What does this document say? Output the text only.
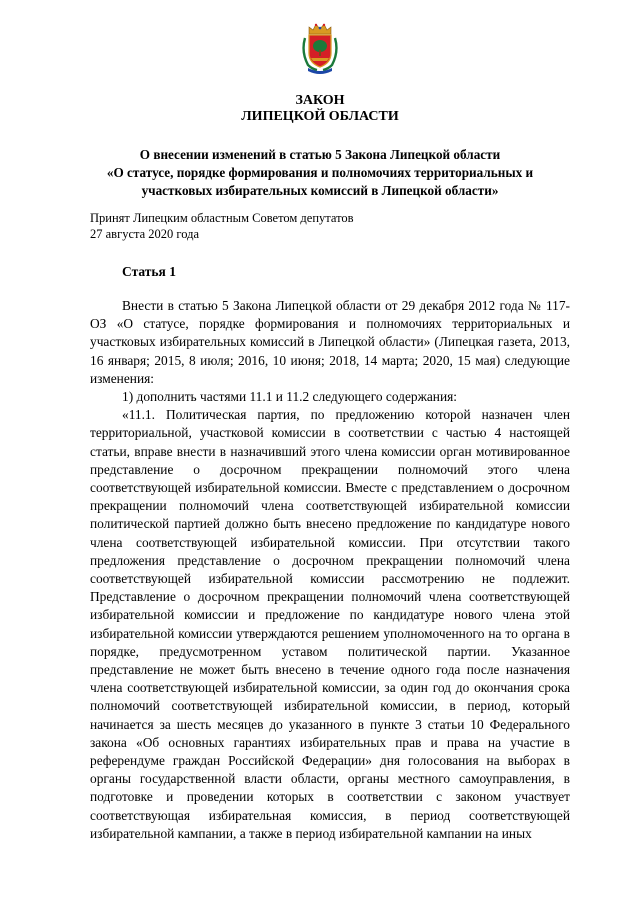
ЗАКОН
ЛИПЕЦКОЙ ОБЛАСТИ
О внесении изменений в статью 5 Закона Липецкой области
«О статусе, порядке формирования и полномочиях территориальных и
участковых избирательных комиссий в Липецкой области»
Принят Липецким областным Советом депутатов
27 августа 2020 года
Статья 1

Внести в статью 5 Закона Липецкой области от 29 декабря 2012 года № 117-ОЗ «О статусе, порядке формирования и полномочиях территориальных и участковых избирательных комиссий в Липецкой области» (Липецкая газета, 2013, 16 января; 2015, 8 июля; 2016, 10 июня; 2018, 14 марта; 2020, 15 мая) следующие изменения:

1) дополнить частями 11.1 и 11.2 следующего содержания:

«11.1. Политическая партия, по предложению которой назначен член территориальной, участковой комиссии в соответствии с частью 4 настоящей статьи, вправе внести в назначивший этого члена комиссии орган мотивированное представление о досрочном прекращении полномочий этого члена соответствующей избирательной комиссии. Вместе с представлением о досрочном прекращении полномочий члена соответствующей избирательной комиссии политической партией должно быть внесено предложение по кандидатуре нового члена соответствующей избирательной комиссии. При отсутствии такого предложения представление о досрочном прекращении полномочий члена соответствующей избирательной комиссии рассмотрению не подлежит. Представление о досрочном прекращении полномочий члена соответствующей избирательной комиссии и предложение по кандидатуре нового члена этой избирательной комиссии утверждаются решением уполномоченного на то органа в порядке, предусмотренном уставом политической партии. Указанное представление не может быть внесено в течение одного года после назначения члена соответствующей избирательной комиссии, за один год до окончания срока полномочий соответствующей избирательной комиссии, в период, который начинается за шесть месяцев до указанного в пункте 3 статьи 10 Федерального закона «Об основных гарантиях избирательных прав и права на участие в референдуме граждан Российской Федерации» дня голосования на выборах в органы государственной власти области, органы местного самоуправления, в подготовке и проведении которых в соответствии с законом участвует соответствующая избирательная комиссия, в период соответствующей избирательной кампании, а также в период избирательной кампании на иных
